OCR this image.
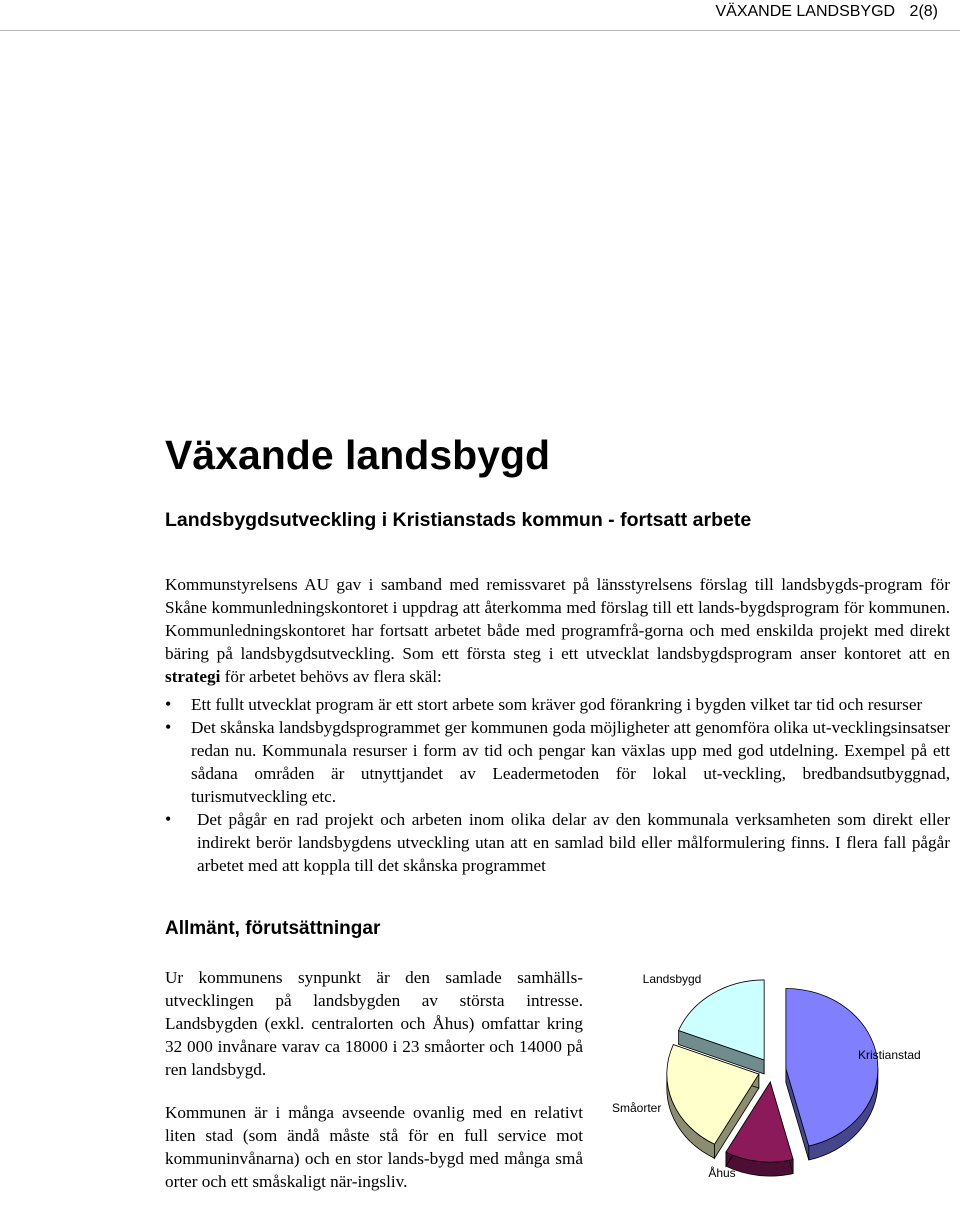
VÄXANDE LANDSBYGD 2(8)
Växande landsbygd
Landsbygdsutveckling i Kristianstads kommun - fortsatt arbete

Kommunstyrelsens AU gav i samband med remissvaret på länsstyrelsens förslag till landsbygds-program för Skåne kommunledningskontoret i uppdrag att återkomma med förslag till ett lands-bygdsprogram för kommunen. Kommunledningskontoret har fortsatt arbetet både med programfrå-gorna och med enskilda projekt med direkt bäring på landsbygdsutveckling. Som ett första steg i ett utvecklat landsbygdsprogram anser kontoret att en strategi för arbetet behövs av flera skäl:

• Ett fullt utvecklat program är ett stort arbete som kräver god förankring i bygden vilket tar tid och resurser
• Det skånska landsbygdsprogrammet ger kommunen goda möjligheter att genomföra olika ut-vecklingsinsatser redan nu. Kommunala resurser i form av tid och pengar kan växlas upp med god utdelning. Exempel på ett sådana områden är utnyttjandet av Leadermetoden för lokal ut-veckling, bredbandsutbyggnad, turismutveckling etc.
•	Det pågår en rad projekt och arbeten inom olika delar av den kommunala verksamheten som direkt eller indirekt berör landsbygdens utveckling utan att en samlad bild eller målformulering finns. I flera fall pågår arbetet med att koppla till det skånska programmet
Allmänt, förutsättningar

Ur kommunens synpunkt är den samlade samhälls-utvecklingen på landsbygden av största intresse. Landsbygden (exkl. centralorten och Åhus) omfattar kring 32 000 invånare varav ca 18000 i 23 småorter och 14000 på ren landsbygd.

Kommunen är i många avseende ovanlig med en relativt liten stad (som ändå måste stå för en full service mot kommuninvånarna) och en stor lands-bygd med många små orter och ett småskaligt när-ingsliv.

Kristianstad
Åhus
Småorter
Landsbygd
